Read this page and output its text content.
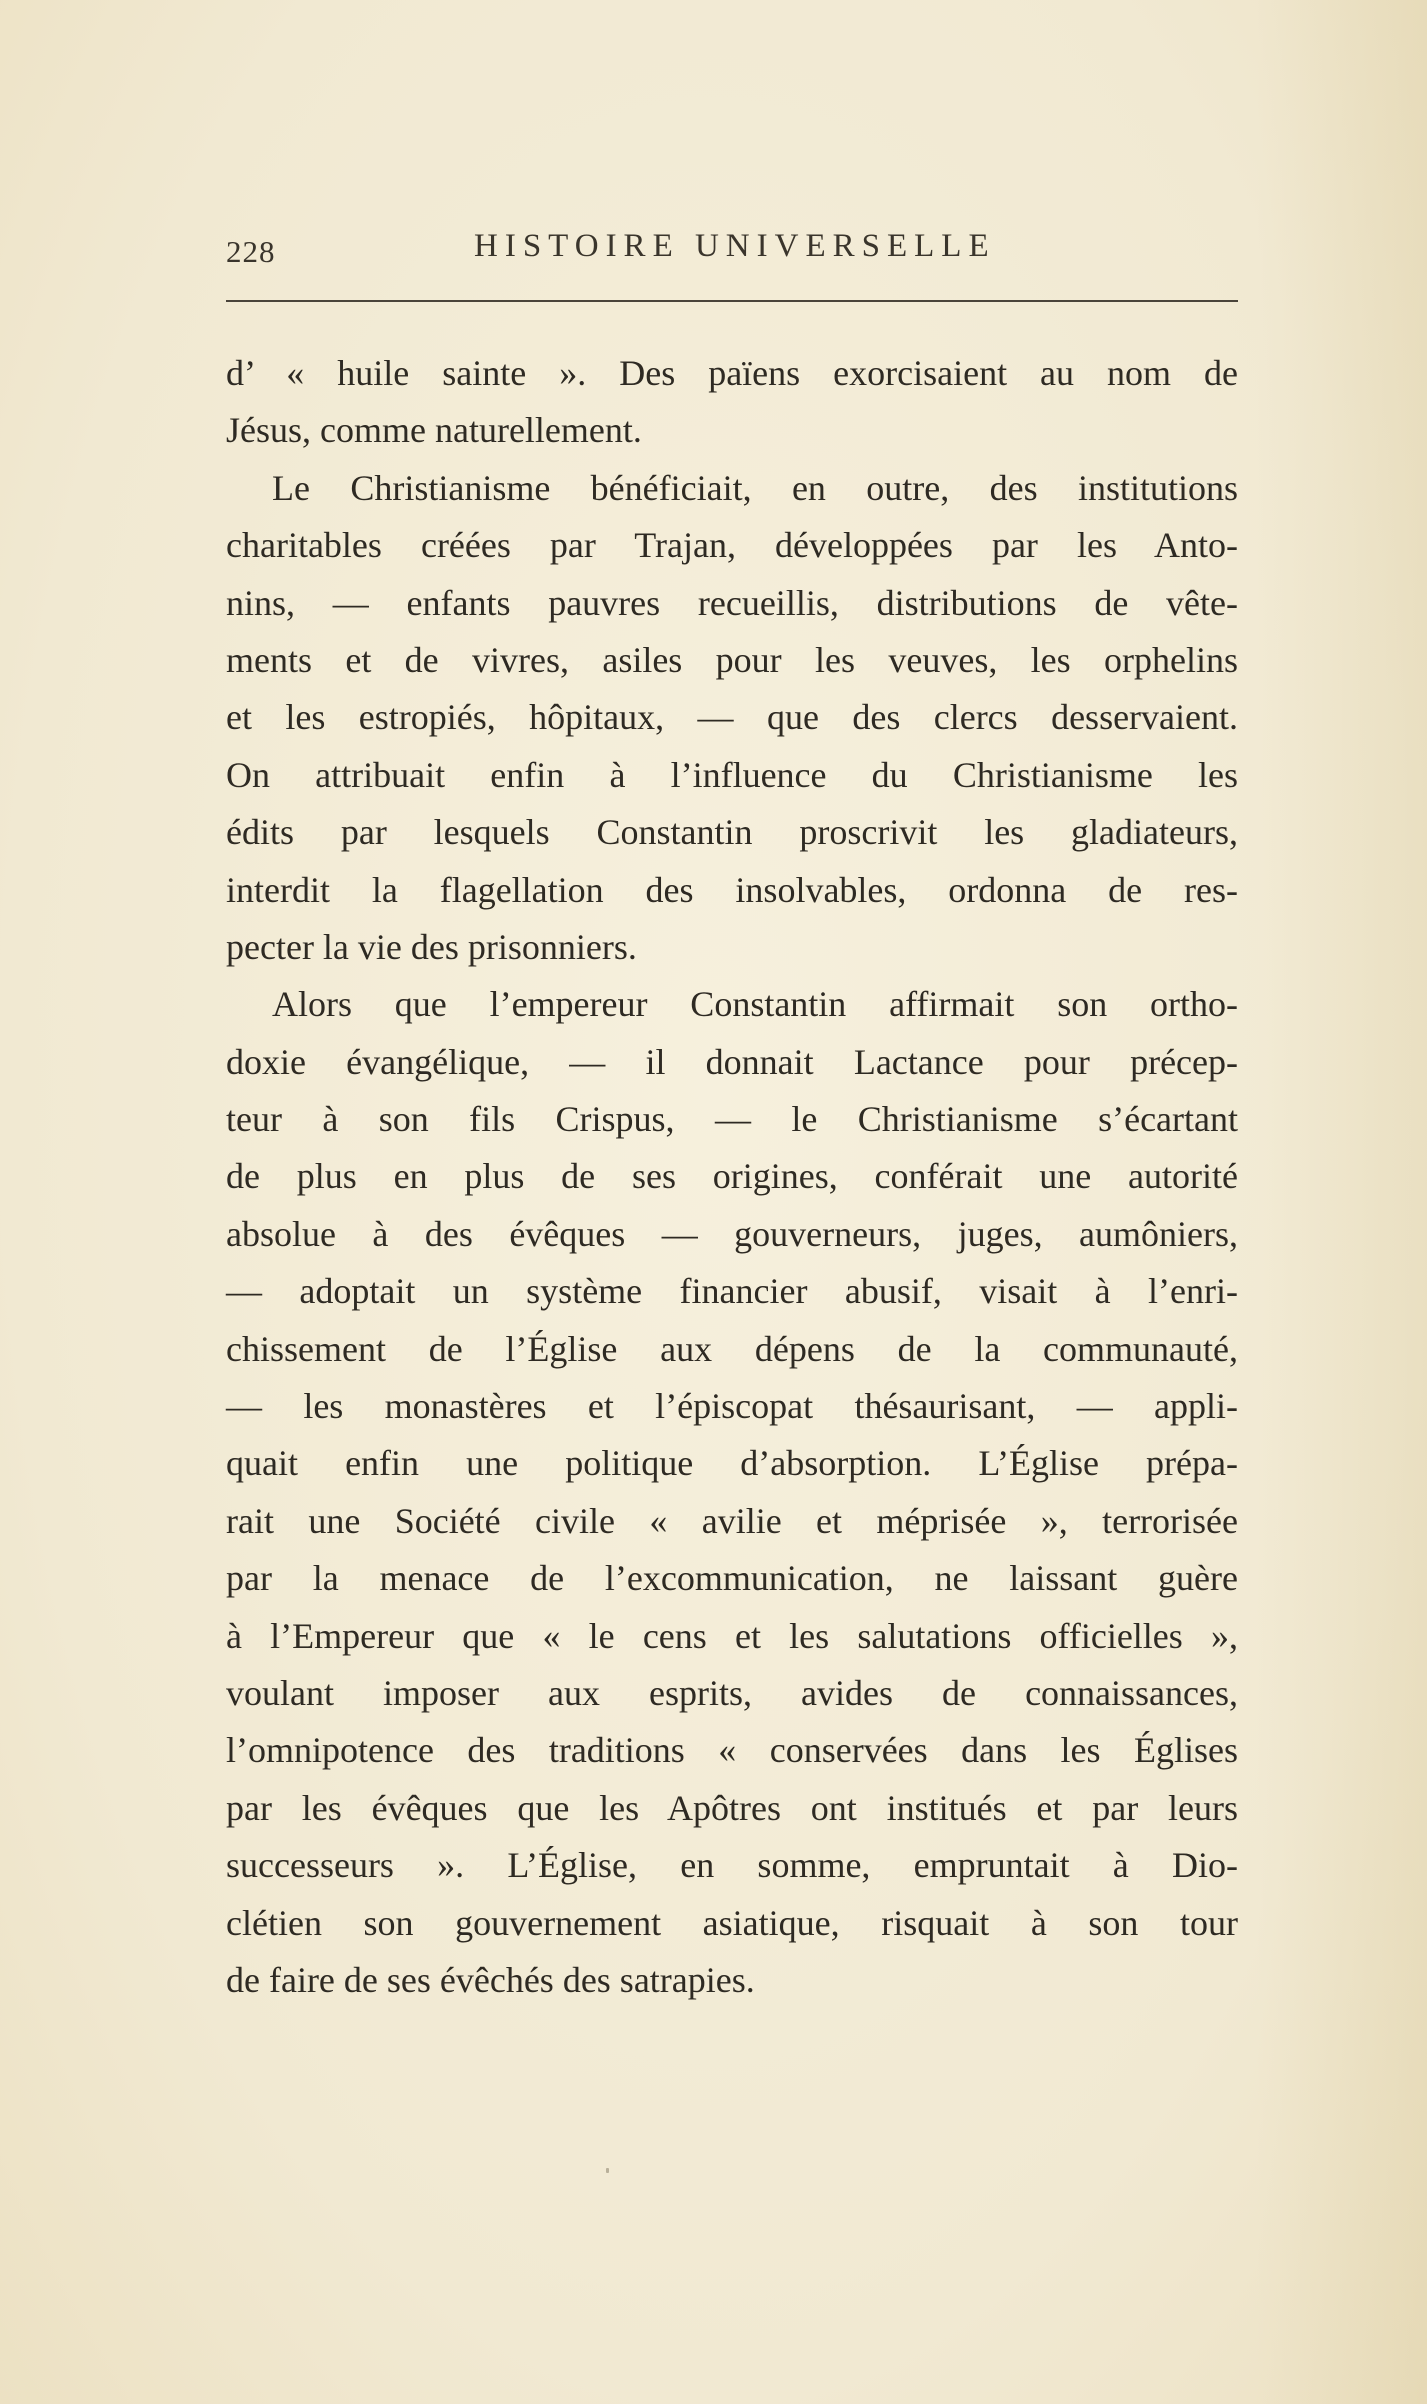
228	HISTOIRE UNIVERSELLE
d’ « huile sainte ». Des païens exorcisaient au nom de
Jésus, comme naturellement.
Le Christianisme bénéficiait, en outre, des institutions
charitables créées par Trajan, développées par les Anto-
nins, — enfants pauvres recueillis, distributions de vête-
ments et de vivres, asiles pour les veuves, les orphelins
et les estropiés, hôpitaux, — que des clercs desservaient.
On attribuait enfin à l’influence du Christianisme les
édits par lesquels Constantin proscrivit les gladiateurs,
interdit la flagellation des insolvables, ordonna de res-
pecter la vie des prisonniers.
Alors que l’empereur Constantin affirmait son ortho-
doxie évangélique, — il donnait Lactance pour précep-
teur à son fils Crispus, — le Christianisme s’écartant
de plus en plus de ses origines, conférait une autorité
absolue à des évêques — gouverneurs, juges, aumôniers,
— adoptait un système financier abusif, visait à l’enri-
chissement de l’Église aux dépens de la communauté,
— les monastères et l’épiscopat thésaurisant, — appli-
quait enfin une politique d’absorption. L’Église prépa-
rait une Société civile « avilie et méprisée », terrorisée
par la menace de l’excommunication, ne laissant guère
à l’Empereur que « le cens et les salutations officielles »,
voulant imposer aux esprits, avides de connaissances,
l’omnipotence des traditions « conservées dans les Églises
par les évêques que les Apôtres ont institués et par leurs
successeurs ». L’Église, en somme, empruntait à Dio-
clétien son gouvernement asiatique, risquait à son tour
de faire de ses évêchés des satrapies.
